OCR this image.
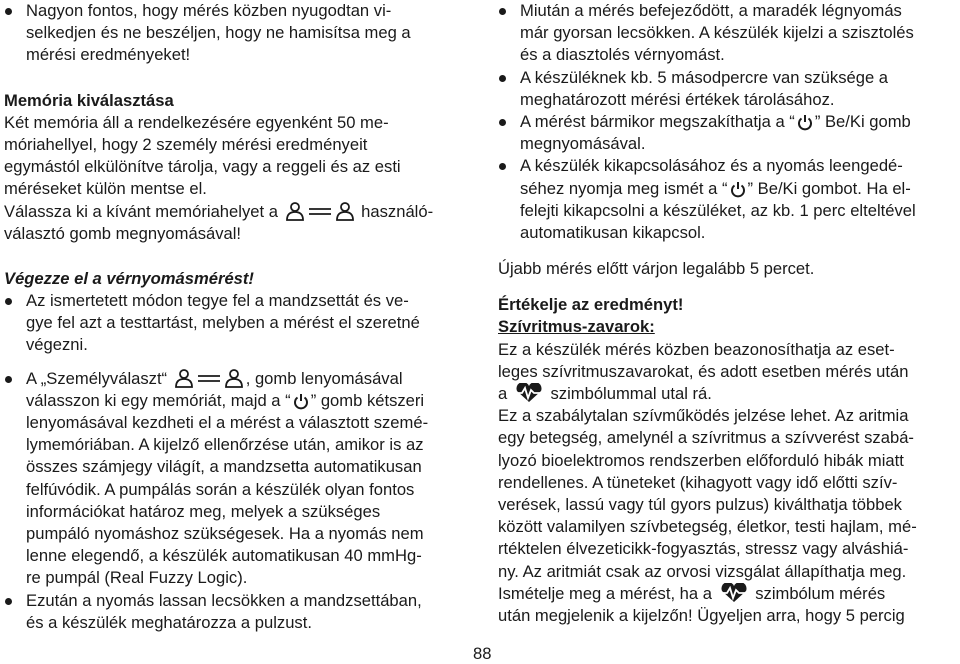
Nagyon fontos, hogy mérés közben nyugodtan vi-
selkedjen és ne beszéljen, hogy ne hamisítsa meg a
mérési eredményeket!
Memória kiválasztása
Két memória áll a rendelkezésére egyenként 50 me-
móriahellyel, hogy 2 személy mérési eredményeit
egymástól elkülönítve tárolja, vagy a reggeli és az esti
méréseket külön mentse el.
Válassza ki a kívánt memóriahelyet a	használó-
választó gomb megnyomásával!
Végezze el a vérnyomásmérést!
Az ismertetett módon tegye fel a mandzsettát és ve-
gye fel azt a testtartást, melyben a mérést el szeretné
végezni.
A „Személyválaszt“	, gomb lenyomásával
válasszon ki egy memóriát, majd a “ ” gomb kétszeri
lenyomásával kezdheti el a mérést a választott szemé-
lymemóriában. A kijelző ellenőrzése után, amikor is az
összes számjegy világít, a mandzsetta automatikusan
felfúvódik. A pumpálás során a készülék olyan fontos
információkat határoz meg, melyek a szükséges
pumpáló nyomáshoz szükségesek. Ha a nyomás nem
lenne elegendő, a készülék automatikusan 40 mmHg-
re pumpál (Real Fuzzy Logic).
Ezután a nyomás lassan lecsökken a mandzsettában,
és a készülék meghatározza a pulzust.
Miután a mérés befejeződött, a maradék légnyomás
már gyorsan lecsökken. A készülék kijelzi a szisztolés
és a diasztolés vérnyomást.
A készüléknek kb. 5 másodpercre van szüksége a
meghatározott mérési értékek tárolásához.
A mérést bármikor megszakíthatja a “ ” Be/Ki gomb
megnyomásával.
A készülék kikapcsolásához és a nyomás leengedé-
séhez nyomja meg ismét a “ ” Be/Ki gombot. Ha el-
felejti kikapcsolni a készüléket, az kb. 1 perc elteltével
automatikusan kikapcsol.
Újabb mérés előtt várjon legalább 5 percet.
Értékelje az eredményt!
Szívritmus-zavarok:
Ez a készülék mérés közben beazonosíthatja az eset-
leges szívritmuszavarokat, és adott esetben mérés után
a	szimbólummal utal rá.
Ez a szabálytalan szívműködés jelzése lehet. Az aritmia
egy betegség, amelynél a szívritmus a szívverést szabá-
lyozó bioelektromos rendszerben előforduló hibák miatt
rendellenes. A tüneteket (kihagyott vagy idő előtti szív-
verések, lassú vagy túl gyors pulzus) kiválthatja többek
között valamilyen szívbetegség, életkor, testi hajlam, mé-
rtéktelen élvezeticikk-fogyasztás, stressz vagy alváshiá-
ny. Az aritmiát csak az orvosi vizsgálat állapíthatja meg.
Ismételje meg a mérést, ha a	szimbólum mérés
után megjelenik a kijelzőn! Ügyeljen arra, hogy 5 percig
88
